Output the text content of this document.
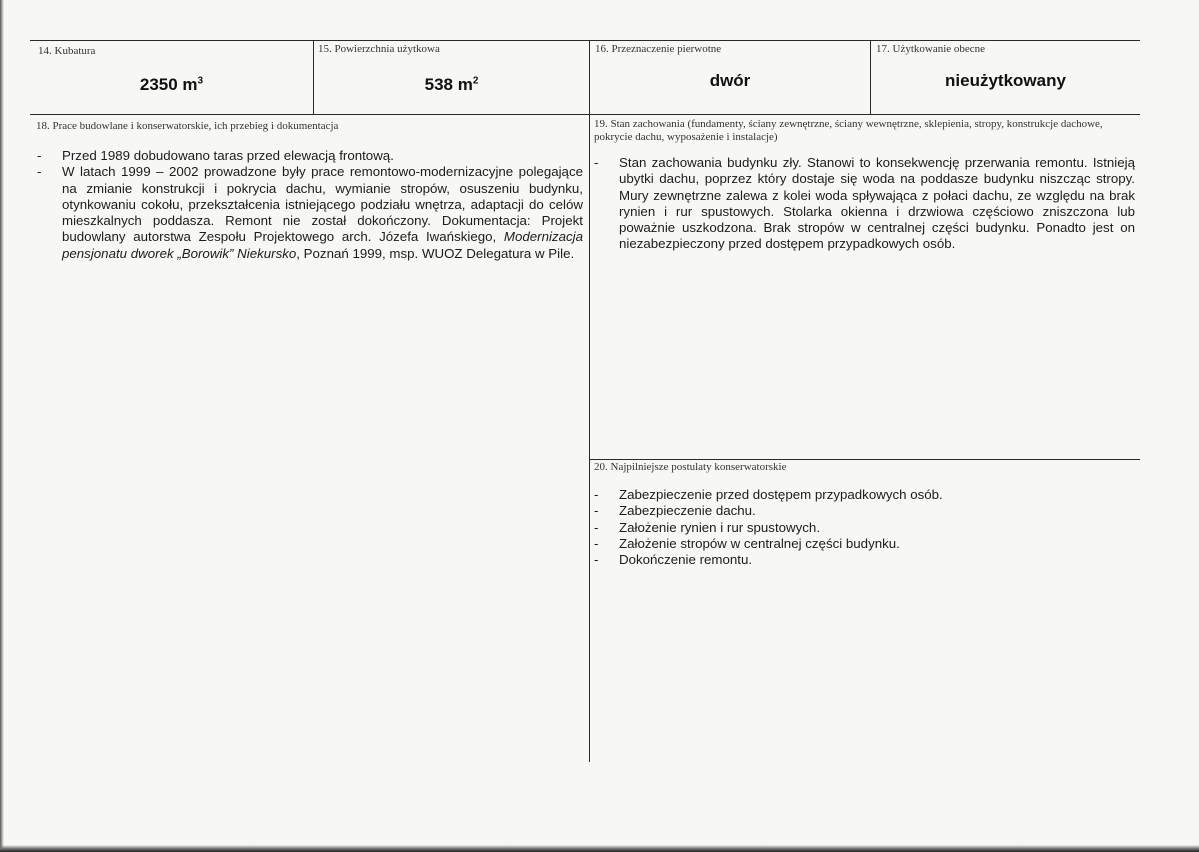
14. Kubatura
2350 $m^3$
15. Powierzchnia użytkowa
538 $m^2$
16. Przeznaczenie pierwotne
dwór
17. Użytkowanie obecne
nieużytkowany
18. Prace budowlane i konserwatorskie, ich przebieg i dokumentacja
- Przed 1989 dobudowano taras przed elewacją frontową.
- W latach 1999 – 2002 prowadzone były prace remontowo-modernizacyjne polegające na zmianie konstrukcji i pokrycia dachu, wymianie stropów, osuszeniu budynku, otynkowaniu cokołu, przekształcenia istniejącego podziału wnętrza, adaptacji do celów mieszkalnych poddasza. Remont nie został dokończony. Dokumentacja: Projekt budowlany autorstwa Zespołu Projektowego arch. Józefa Iwańskiego, Modernizacja pensjonatu dworek „Borowik” Niekursko, Poznań 1999, msp. WUOZ Delegatura w Pile.
19. Stan zachowania (fundamenty, ściany zewnętrzne, ściany wewnętrzne, sklepienia, stropy, konstrukcje dachowe, pokrycie dachu, wyposażenie i instalacje)
- Stan zachowania budynku zły. Stanowi to konsekwencję przerwania remontu. Istnieją ubytki dachu, poprzez który dostaje się woda na poddasze budynku niszcząc stropy. Mury zewnętrzne zalewa z kolei woda spływająca z połaci dachu, ze względu na brak rynien i rur spustowych. Stolarka okienna i drzwiowa częściowo zniszczona lub poważnie uszkodzona. Brak stropów w centralnej części budynku. Ponadto jest on niezabezpieczony przed dostępem przypadkowych osób.
20. Najpilniejsze postulaty konserwatorskie
- Zabezpieczenie przed dostępem przypadkowych osób.
- Zabezpieczenie dachu.
- Założenie rynien i rur spustowych.
- Założenie stropów w centralnej części budynku.
- Dokończenie remontu.
